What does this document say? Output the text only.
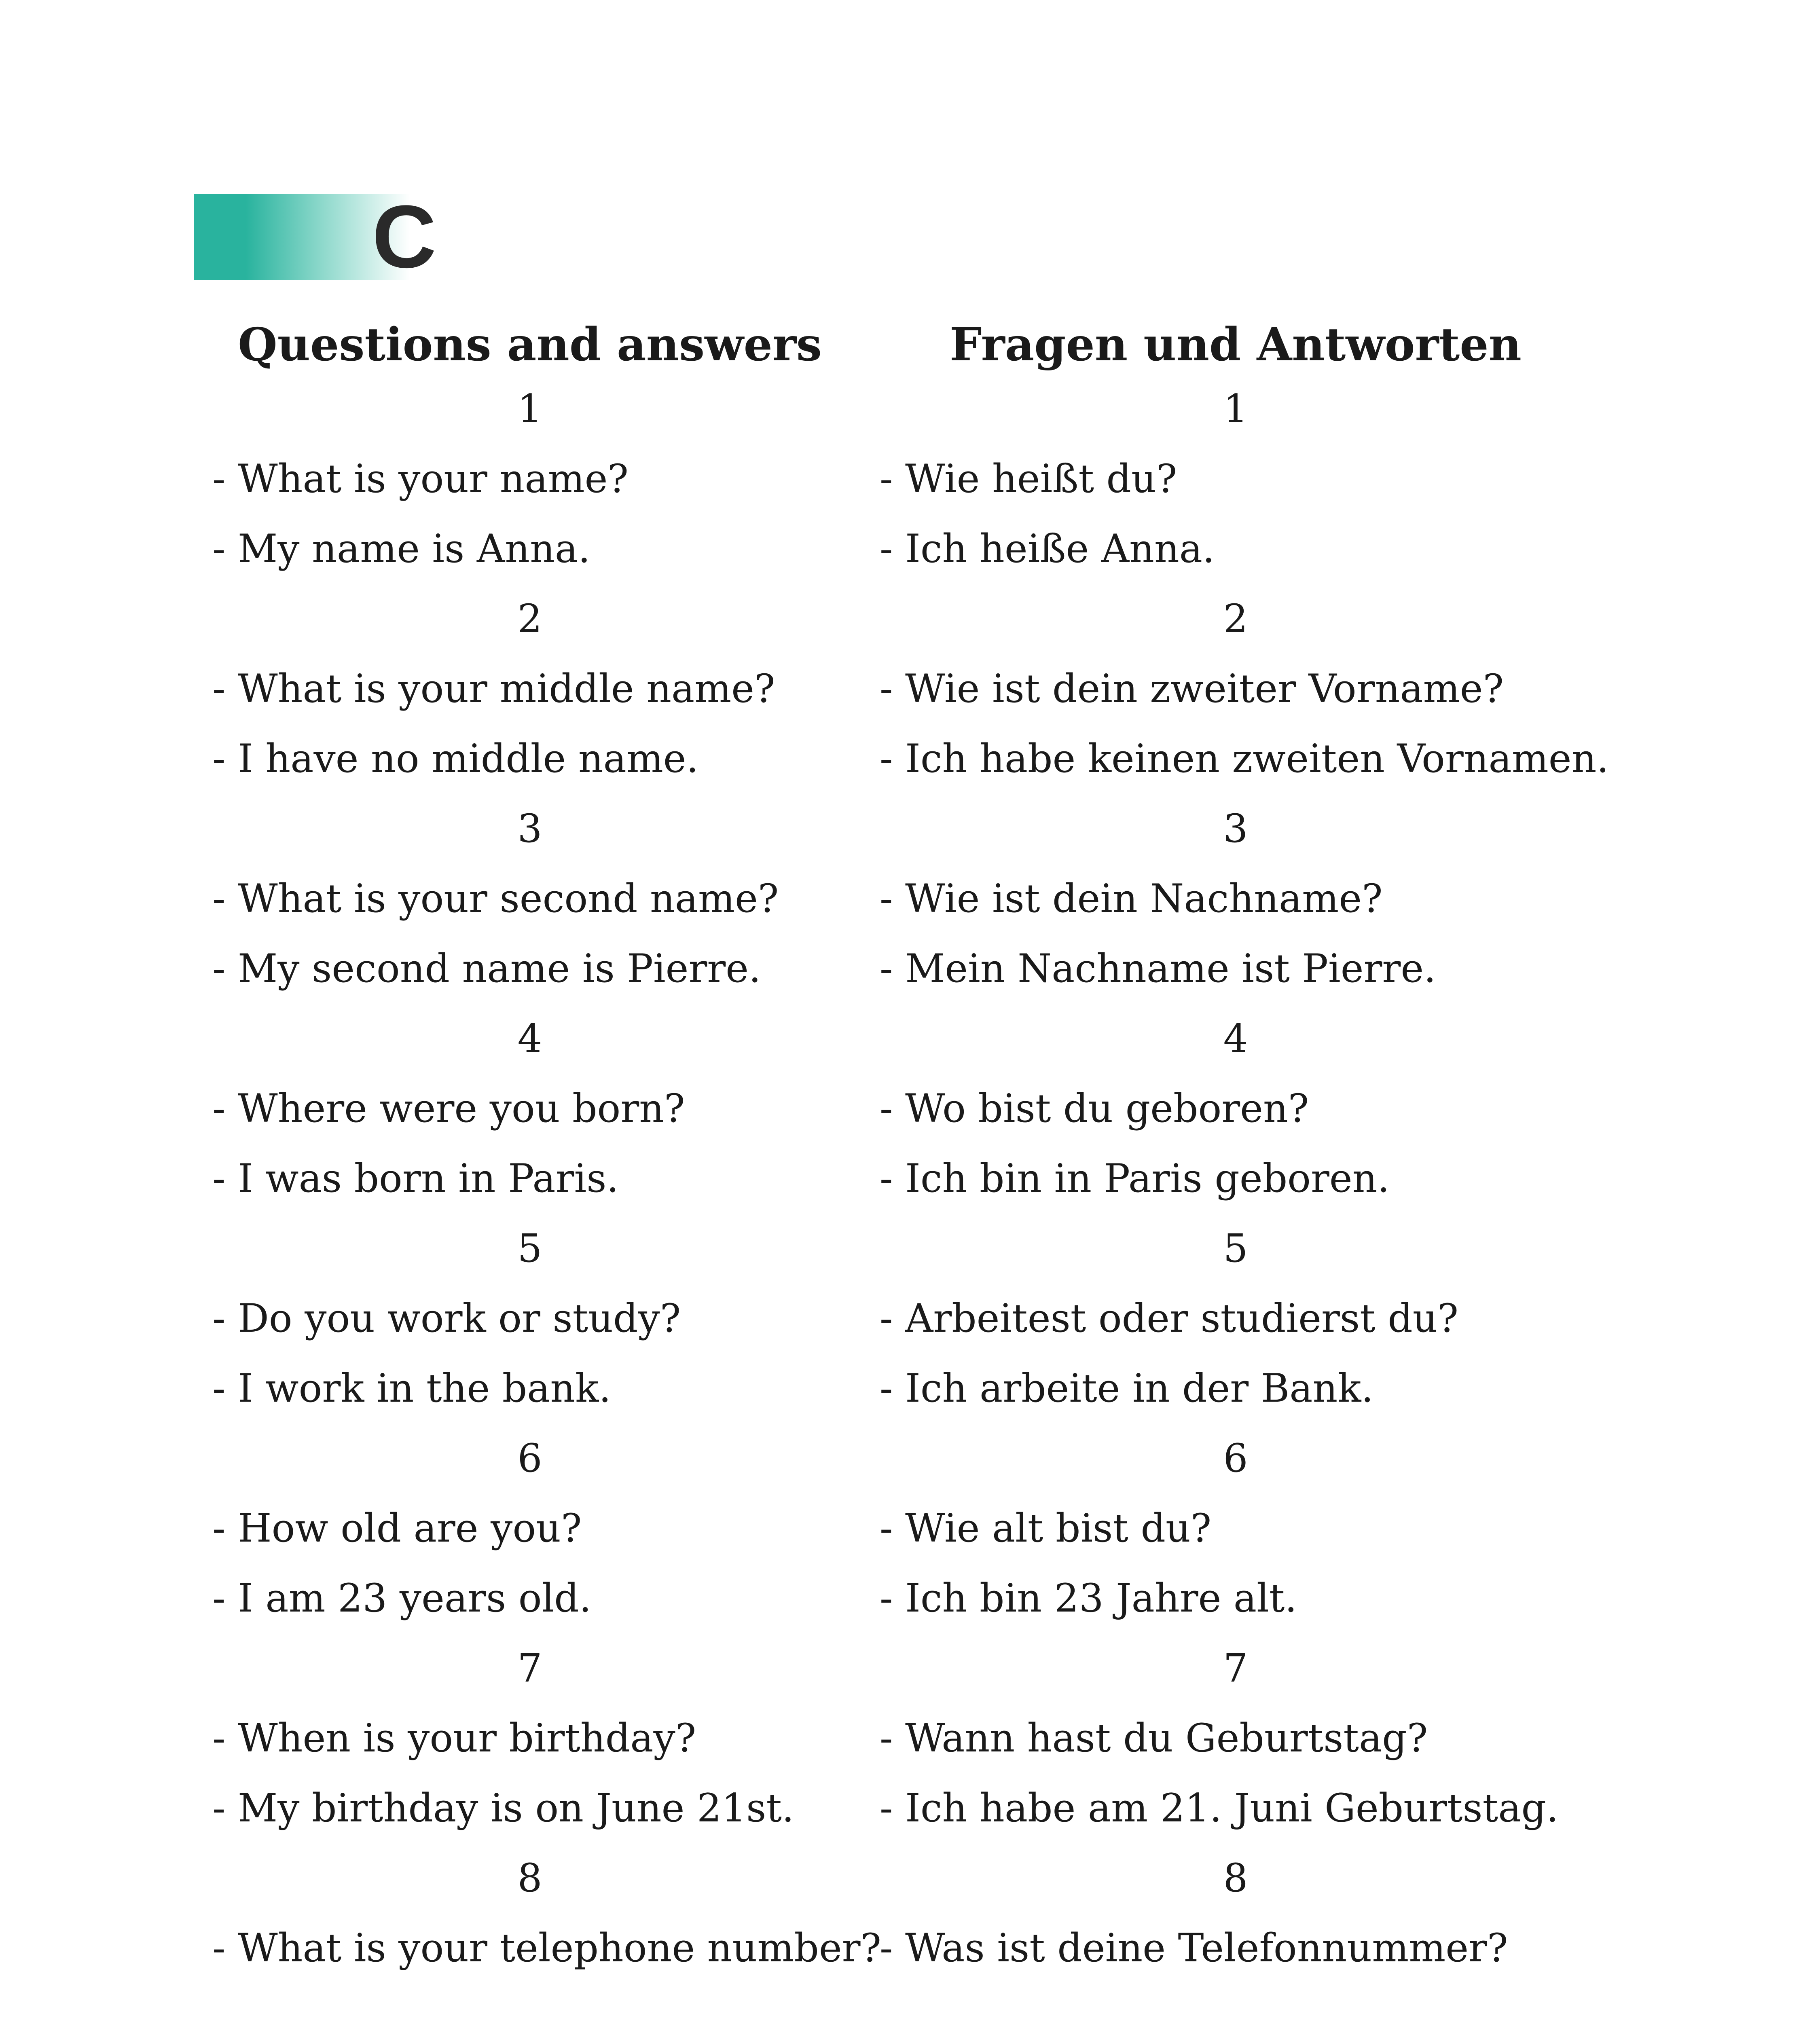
C
Questions and answers
1
- What is your name?
- My name is Anna.
2
- What is your middle name?
- I have no middle name.
3
- What is your second name?
- My second name is Pierre.
4
- Where were you born?
- I was born in Paris.
5
- Do you work or study?
- I work in the bank.
6
- How old are you?
- I am 23 years old.
7
- When is your birthday?
- My birthday is on June 21st.
8
- What is your telephone number?
Fragen und Antworten
1
- Wie heißt du?
- Ich heiße Anna.
2
- Wie ist dein zweiter Vorname?
- Ich habe keinen zweiten Vornamen.
3
- Wie ist dein Nachname?
- Mein Nachname ist Pierre.
4
- Wo bist du geboren?
- Ich bin in Paris geboren.
5
- Arbeitest oder studierst du?
- Ich arbeite in der Bank.
6
- Wie alt bist du?
- Ich bin 23 Jahre alt.
7
- Wann hast du Geburtstag?
- Ich habe am 21. Juni Geburtstag.
8
- Was ist deine Telefonnummer?
